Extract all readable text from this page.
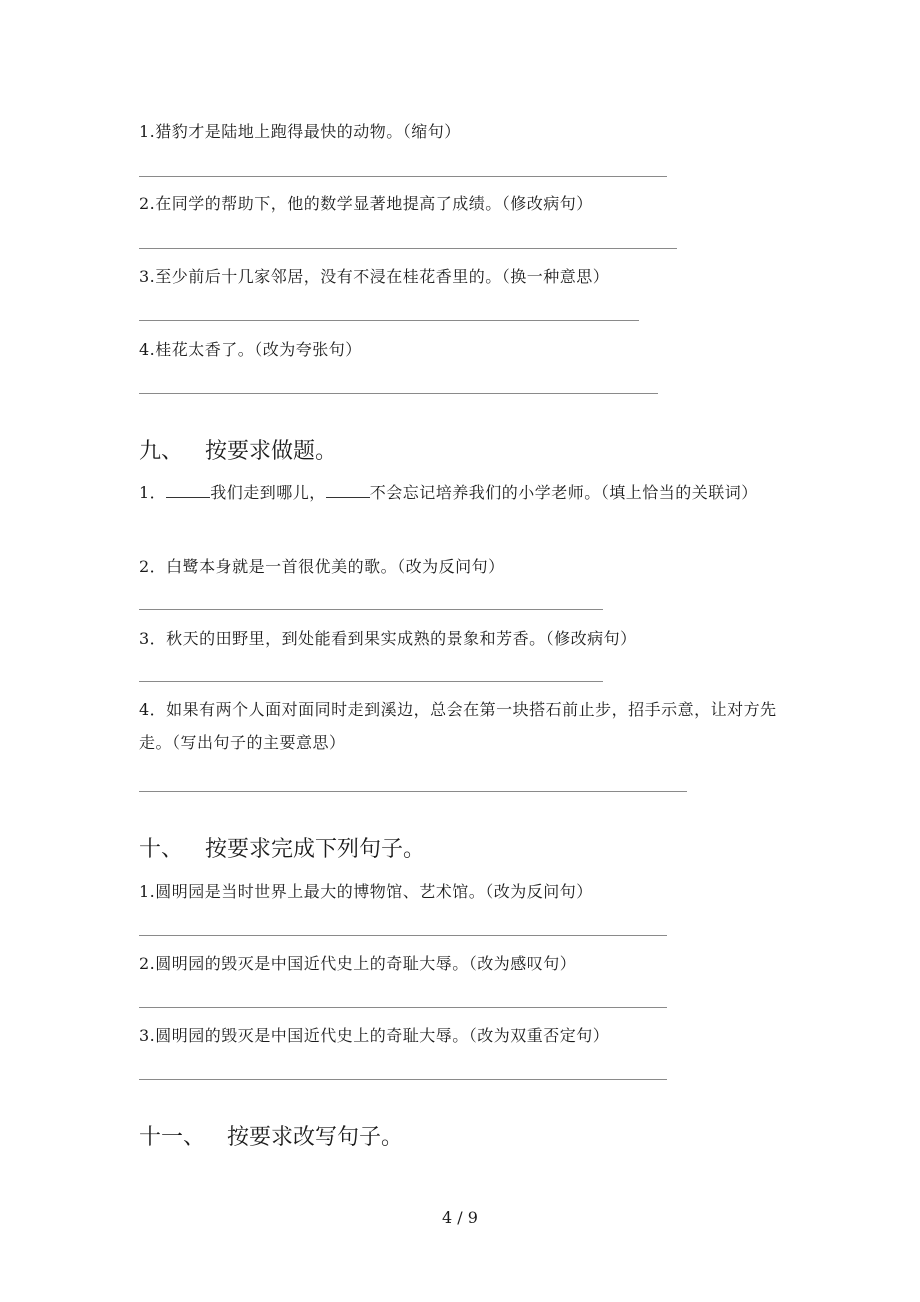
1.猎豹才是陆地上跑得最快的动物。（缩句）
2.在同学的帮助下，他的数学显著地提高了成绩。（修改病句）
3.至少前后十几家邻居，没有不浸在桂花香里的。（换一种意思）
4.桂花太香了。（改为夸张句）
九、 按要求做题。
1．	我们走到哪儿，	不会忘记培养我们的小学老师。（填上恰当的关联词）
2．白鹭本身就是一首很优美的歌。（改为反问句）
3．秋天的田野里，到处能看到果实成熟的景象和芳香。（修改病句）
4．如果有两个人面对面同时走到溪边，总会在第一块搭石前止步，招手示意，让对方先走。（写出句子的主要意思）
十、 按要求完成下列句子。
1.圆明园是当时世界上最大的博物馆、艺术馆。（改为反问句）
2.圆明园的毁灭是中国近代史上的奇耻大辱。（改为感叹句）
3.圆明园的毁灭是中国近代史上的奇耻大辱。（改为双重否定句）
十一、 按要求改写句子。
4 / 9
